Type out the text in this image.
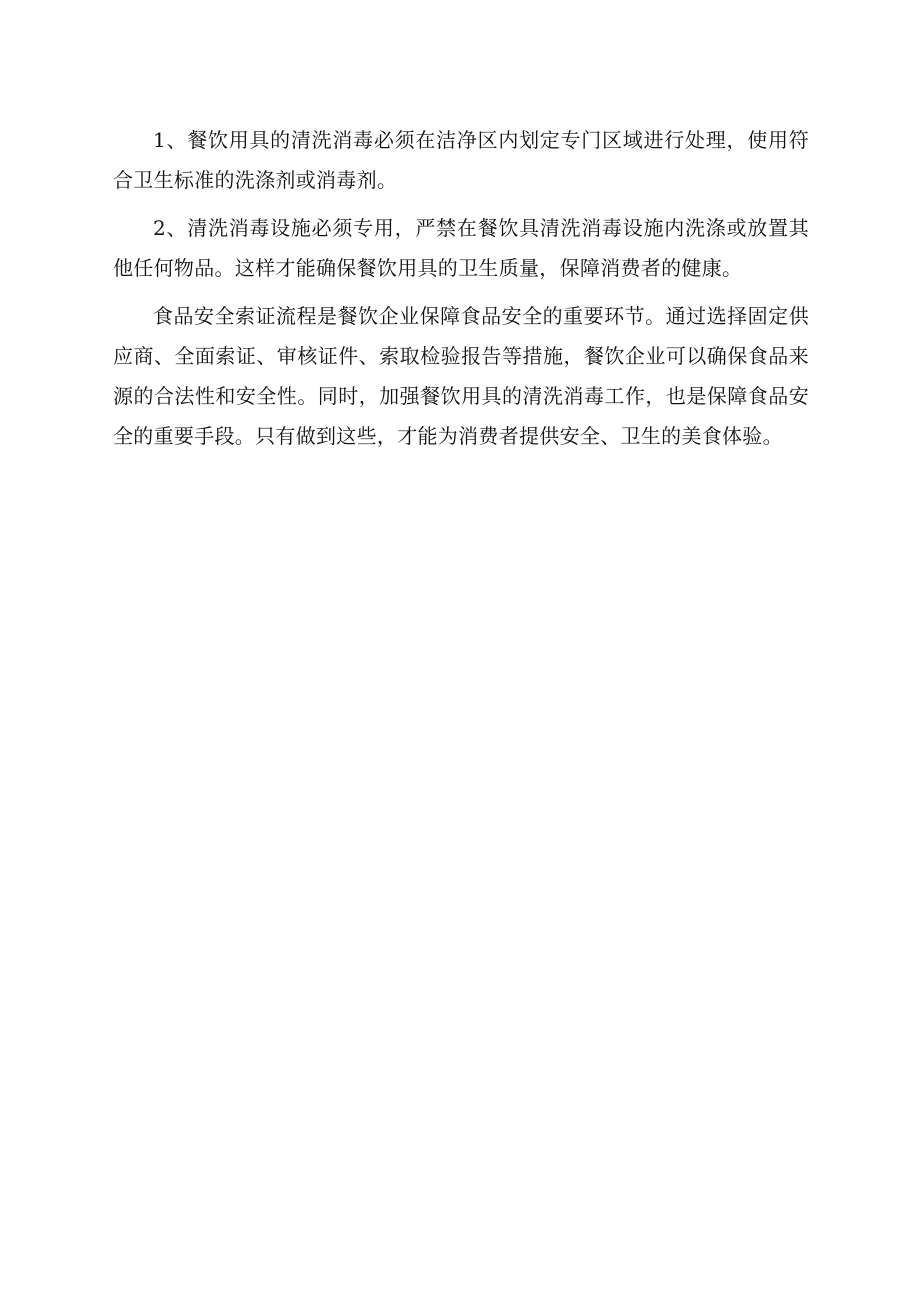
1、餐饮用具的清洗消毒必须在洁净区内划定专门区域进行处理，使用符合卫生标准的洗涤剂或消毒剂。

2、清洗消毒设施必须专用，严禁在餐饮具清洗消毒设施内洗涤或放置其他任何物品。这样才能确保餐饮用具的卫生质量，保障消费者的健康。

食品安全索证流程是餐饮企业保障食品安全的重要环节。通过选择固定供应商、全面索证、审核证件、索取检验报告等措施，餐饮企业可以确保食品来源的合法性和安全性。同时，加强餐饮用具的清洗消毒工作，也是保障食品安全的重要手段。只有做到这些，才能为消费者提供安全、卫生的美食体验。
